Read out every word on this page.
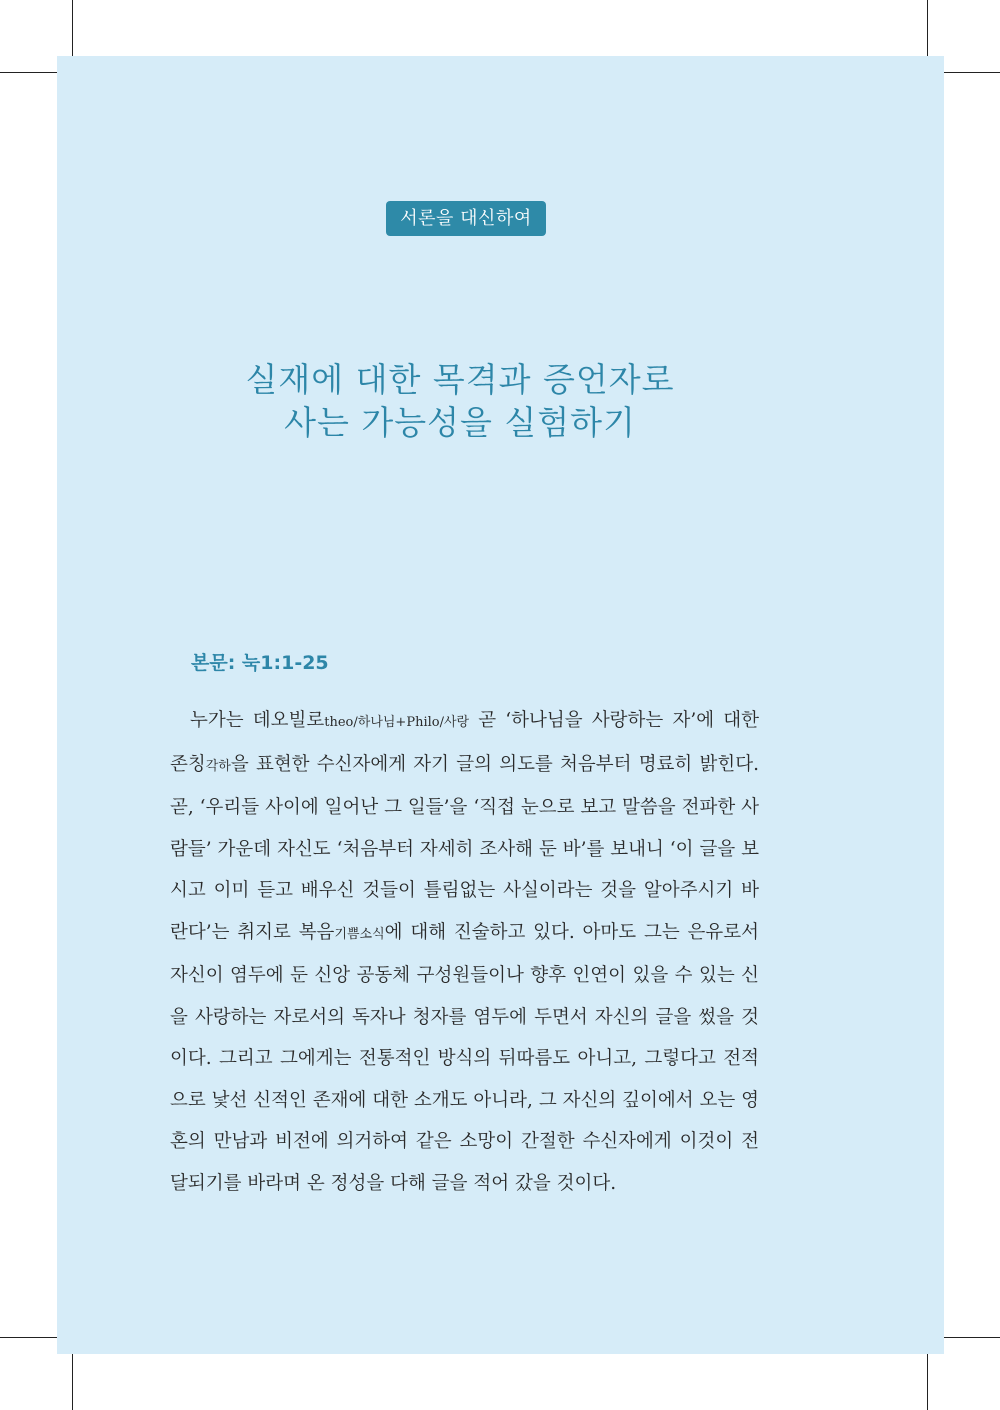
서론을 대신하여
실재에 대한 목격과 증언자로
사는 가능성을 실험하기
본문: 눅1:1-25

누가는 데오빌로theo/하나님+Philo/사랑 곧 ‘하나님을 사랑하는 자’에 대한 존칭각하을 표현한 수신자에게 자기 글의 의도를 처음부터 명료히 밝힌다. 곧, ‘우리들 사이에 일어난 그 일들’을 ‘직접 눈으로 보고 말씀을 전파한 사람들’ 가운데 자신도 ‘처음부터 자세히 조사해 둔 바’를 보내니 ‘이 글을 보시고 이미 듣고 배우신 것들이 틀림없는 사실이라는 것을 알아주시기 바란다’는 취지로 복음기쁨소식에 대해 진술하고 있다. 아마도 그는 은유로서 자신이 염두에 둔 신앙 공동체 구성원들이나 향후 인연이 있을 수 있는 신을 사랑하는 자로서의 독자나 청자를 염두에 두면서 자신의 글을 썼을 것이다. 그리고 그에게는 전통적인 방식의 뒤따름도 아니고, 그렇다고 전적으로 낯선 신적인 존재에 대한 소개도 아니라, 그 자신의 깊이에서 오는 영혼의 만남과 비전에 의거하여 같은 소망이 간절한 수신자에게 이것이 전달되기를 바라며 온 정성을 다해 글을 적어 갔을 것이다.
